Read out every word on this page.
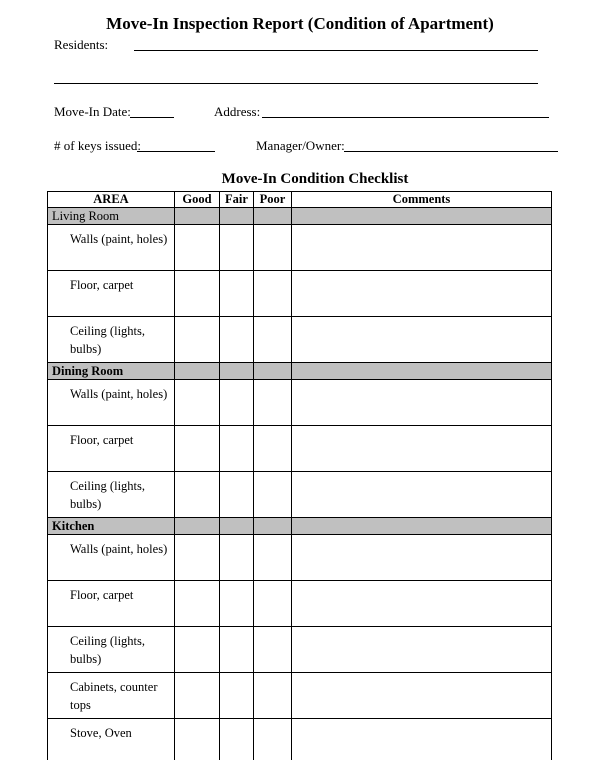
Move-In Inspection Report (Condition of Apartment)
Residents:
Move-In Date:	Address:
# of keys issued:	Manager/Owner:
Move-In Condition Checklist
AREA	Good	Fair	Poor	Comments
Living Room				
Walls (paint, holes)				
Floor, carpet				
Ceiling (lights, bulbs)				
Dining Room				
Walls (paint, holes)				
Floor, carpet				
Ceiling (lights, bulbs)				
Kitchen				
Walls (paint, holes)				
Floor, carpet				
Ceiling (lights, bulbs)				
Cabinets, counter tops				
Stove, Oven				
